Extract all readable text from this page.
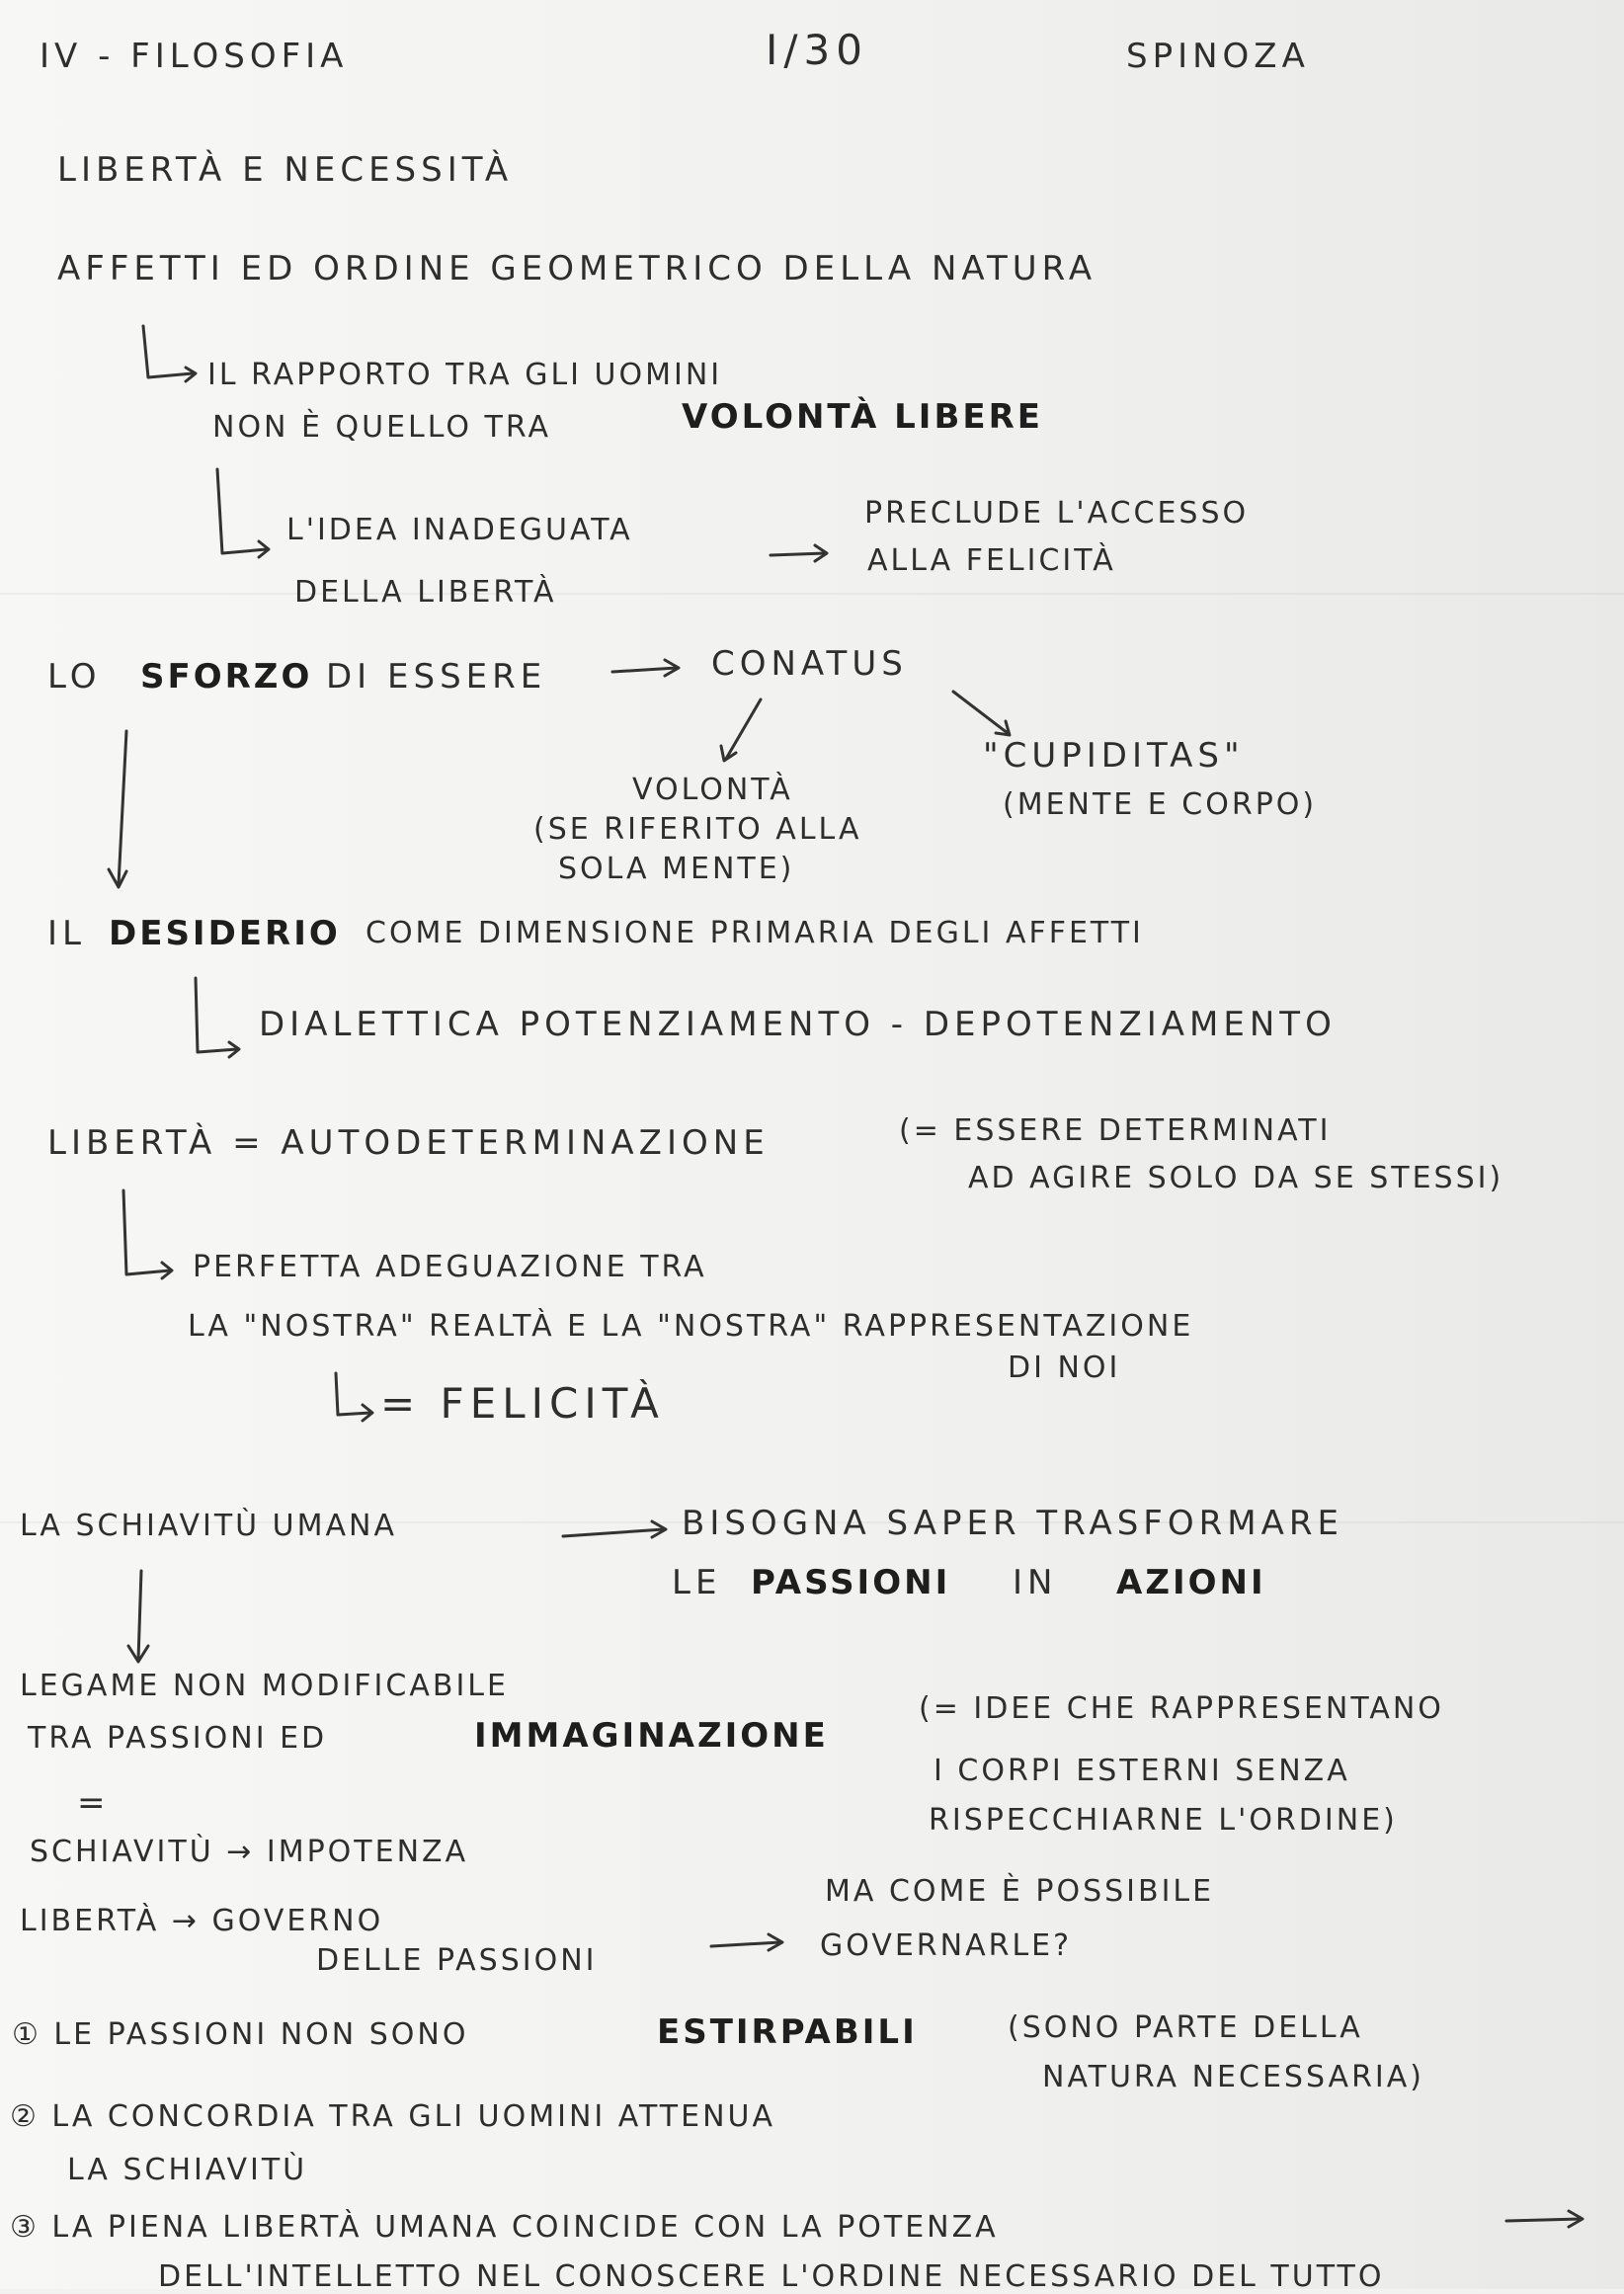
IV - FILOSOFIA	I/30	SPINOZA
LIBERTÀ E NECESSITÀ
AFFETTI ED ORDINE GEOMETRICO DELLA NATURA
IL RAPPORTO TRA GLI UOMINI
NON È QUELLO TRA	VOLONTÀ LIBERE
L'IDEA INADEGUATA
DELLA LIBERTÀ
PRECLUDE L'ACCESSO
ALLA FELICITÀ
LO SFORZO DI ESSERE	CONATUS
VOLONTÀ
(SE RIFERITO ALLA
SOLA MENTE)
"CUPIDITAS"
(MENTE E CORPO)
IL DESIDERIO COME DIMENSIONE PRIMARIA DEGLI AFFETTI
DIALETTICA POTENZIAMENTO - DEPOTENZIAMENTO
LIBERTÀ = AUTODETERMINAZIONE	(= ESSERE DETERMINATI
AD AGIRE SOLO DA SE STESSI)
PERFETTA ADEGUAZIONE TRA
LA "NOSTRA" REALTÀ E LA "NOSTRA" RAPPRESENTAZIONE
DI NOI
= FELICITÀ
LA SCHIAVITÙ UMANA	BISOGNA SAPER TRASFORMARE
LE PASSIONI IN AZIONI
LEGAME NON MODIFICABILE
TRA PASSIONI ED	IMMAGINAZIONE
(= IDEE CHE RAPPRESENTANO
I CORPI ESTERNI SENZA
RISPECCHIARNE L'ORDINE)
=
SCHIAVITÙ → IMPOTENZA
LIBERTÀ → GOVERNO
DELLE PASSIONI
MA COME È POSSIBILE
GOVERNARLE?
① LE PASSIONI NON SONO	ESTIRPABILI	(SONO PARTE DELLA
NATURA NECESSARIA)
② LA CONCORDIA TRA GLI UOMINI ATTENUA
LA SCHIAVITÙ
③ LA PIENA LIBERTÀ UMANA COINCIDE CON LA POTENZA
DELL'INTELLETTO NEL CONOSCERE L'ORDINE NECESSARIO DEL TUTTO
